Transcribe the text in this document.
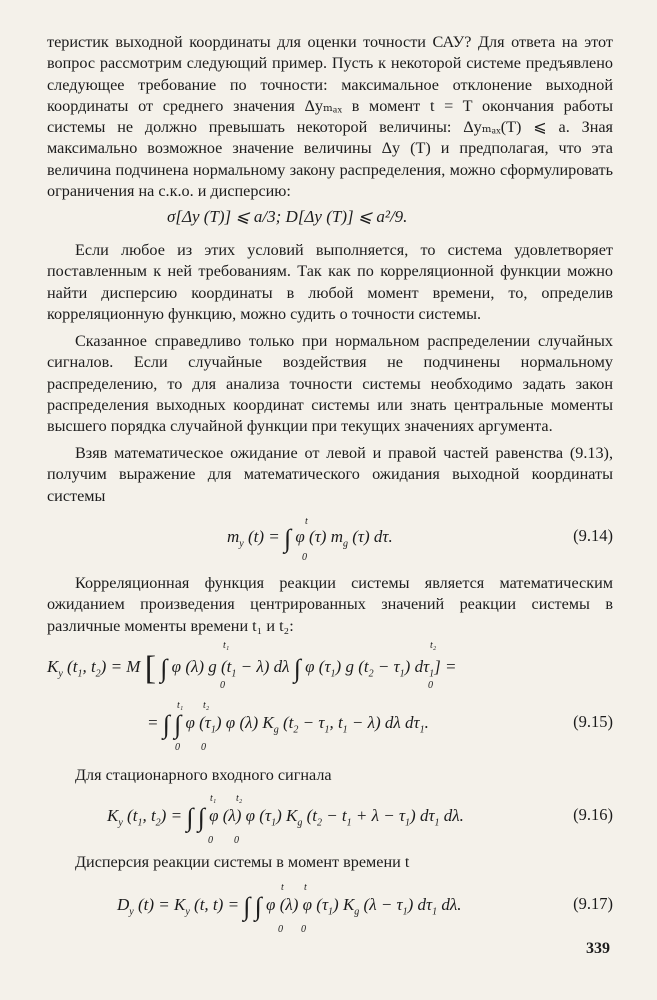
теристик выходной координаты для оценки точности САУ? Для ответа на этот вопрос рассмотрим следующий пример. Пусть к некоторой системе предъявлено следующее требование по точности: максимальное отклонение выходной координаты от среднего значения Δyₘₐₓ в момент t = T окончания работы системы не должно превышать некоторой величины: Δyₘₐₓ(T) ⩽ a. Зная максимально возможное значение величины Δy (T) и предполагая, что эта величина подчинена нормальному закону распределения, можно сформулировать ограничения на с.к.о. и дисперсию:

σ[Δy (T)] ⩽ a/3; D[Δy (T)] ⩽ a²/9.

Если любое из этих условий выполняется, то система удовлетворяет поставленным к ней требованиям. Так как по корреляционной функции можно найти дисперсию координаты в любой момент времени, то, определив корреляционную функцию, можно судить о точности системы.

Сказанное справедливо только при нормальном распределении случайных сигналов. Если случайные воздействия не подчинены нормальному распределению, то для анализа точности системы необходимо задать закон распределения выходных координат системы или знать центральные моменты высшего порядка случайной функции при текущих значениях аргумента.

Взяв математическое ожидание от левой и правой частей равенства (9.13), получим выражение для математического ожидания выходной координаты системы

$m_y$ (t) = ∫ φ (τ) $m_g$ (τ) dτ.
t
0
(9.14)

Корреляционная функция реакции системы является математическим ожиданием произведения центрированных значений реакции системы в различные моменты времени t₁ и t₂:

$K_y$ ($t_1$, $t_2) = M$ [ ∫ φ (λ) g $(t_1 - \lambda)$ dλ ∫ φ $(\tau_1)$ g $(t_2 - \tau_1) d\tau_1$] =
t₁
0
t₂
0
= ∫ ∫ φ $(\tau_1)$ φ (λ) $K_g$ ($t_2 - \tau_1$, $t_1 - \lambda$) dλ $d\tau_1$.
t₁
0
t₂
0
(9.15)

Для стационарного входного сигнала

$K_y$ ($t_1$, $t_2$) = ∫ ∫ φ (λ) φ $(\tau_1)$ $K_g$ $(t_2 - t_1 + \lambda - \tau_1)$ $d\tau_1$ dλ.
t₁
0
t₂
0
(9.16)

Дисперсия реакции системы в момент времени t

$D_y$ $(t) = K_y$ (t, t) = ∫ ∫ φ (λ) φ $(\tau_1)$ $K_g$ $(\lambda - \tau_1)$ $d\tau_1$ dλ.
t
0
t
0
(9.17)
339
